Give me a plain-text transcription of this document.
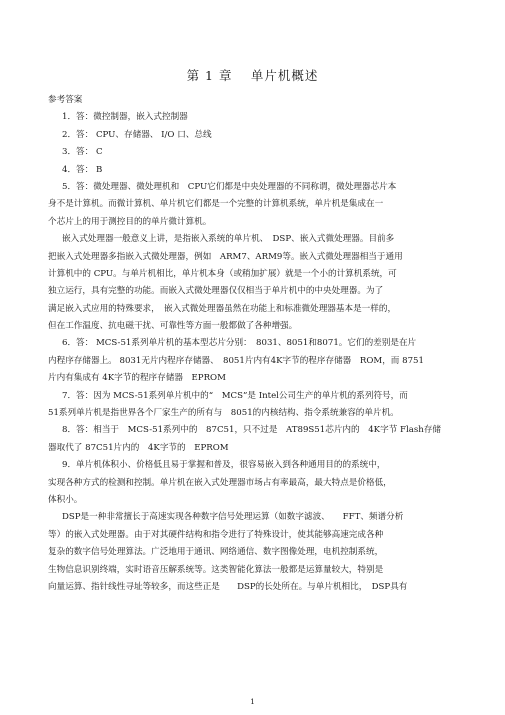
第 1 章　 单片机概述
参考答案
1．答：微控制器，嵌入式控制器
2．答： CPU、存储器、 I/O 口、总线
3．答： C
4．答： B
5．答：微处理器、微处理机和　CPU它们都是中央处理器的不同称谓，微处理器芯片本
身不是计算机。而微计算机、单片机它们都是一个完整的计算机系统，单片机是集成在一
个芯片上的用于测控目的的单片微计算机。
嵌入式处理器一般意义上讲，是指嵌入系统的单片机、　DSP、嵌入式微处理器。目前多
把嵌入式处理器多指嵌入式微处理器，例如　ARM7、ARM9等。嵌入式微处理器相当于通用
计算机中的 CPU。与单片机相比，单片机本身（或稍加扩展）就是一个小的计算机系统，可
独立运行，具有完整的功能。而嵌入式微处理器仅仅相当于单片机中的中央处理器。为了
满足嵌入式应用的特殊要求，　嵌入式微处理器虽然在功能上和标准微处理器基本是一样的，
但在工作温度、抗电磁干扰、可靠性等方面一般都做了各种增强。
6．答： MCS-51系列单片机的基本型芯片分别：　8031、8051和8071。它们的差别是在片
内程序存储器上。 8031无片内程序存储器、　8051片内有4K字节的程序存储器　ROM，而 8751
片内有集成有 4K字节的程序存储器　EPROM
7．答：因为 MCS-51系列单片机中的“　MCS”是 Intel公司生产的单片机的系列符号，而
51系列单片机是指世界各个厂家生产的所有与　8051的内核结构、指令系统兼容的单片机。
8．答：相当于　MCS-51系列中的　87C51，只不过是　AT89S51芯片内的　4K字节 Flash存储
器取代了 87C51片内的　4K字节的　EPROM
9．单片机体积小、价格低且易于掌握和普及，很容易嵌入到各种通用目的的系统中，
实现各种方式的检测和控制。单片机在嵌入式处理器市场占有率最高，最大特点是价格低，
体积小。
DSP是一种非常擅长于高速实现各种数字信号处理运算（如数字滤波、　　FFT、频谱分析
等）的嵌入式处理器。由于对其硬件结构和指令进行了特殊设计，使其能够高速完成各种
复杂的数字信号处理算法。广泛地用于通讯、网络通信、数字图像处理，电机控制系统，
生物信息识别终端，实时语音压解系统等。这类智能化算法一般都是运算量较大，特别是
向量运算、指针线性寻址等较多，而这些正是　　DSP的长处所在。与单片机相比，　DSP具有
1
